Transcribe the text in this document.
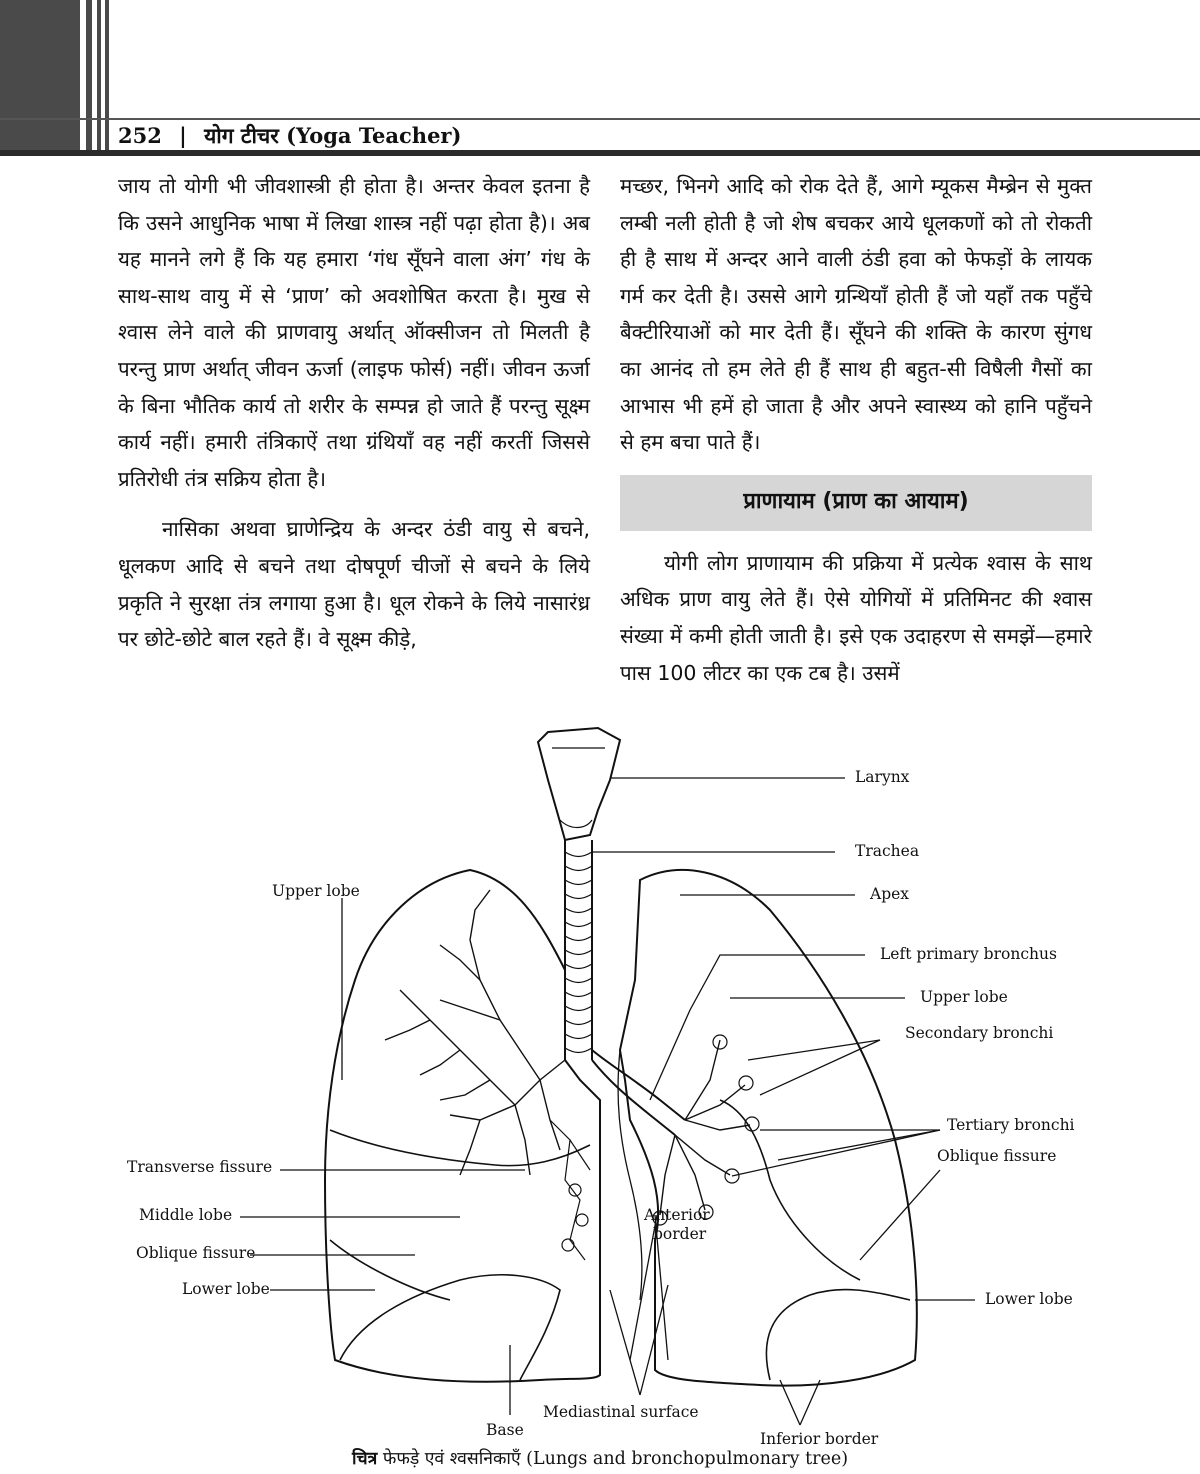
252 | योग टीचर (Yoga Teacher)

जाय तो योगी भी जीवशास्त्री ही होता है। अन्तर केवल इतना है कि उसने आधुनिक भाषा में लिखा शास्त्र नहीं पढ़ा होता है)। अब यह मानने लगे हैं कि यह हमारा ‘गंध सूँघने वाला अंग’ गंध के साथ-साथ वायु में से ‘प्राण’ को अवशोषित करता है। मुख से श्वास लेने वाले की प्राणवायु अर्थात् ऑक्सीजन तो मिलती है परन्तु प्राण अर्थात् जीवन ऊर्जा (लाइफ फोर्स) नहीं। जीवन ऊर्जा के बिना भौतिक कार्य तो शरीर के सम्पन्न हो जाते हैं परन्तु सूक्ष्म कार्य नहीं। हमारी तंत्रिकाऐं तथा ग्रंथियाँ वह नहीं करतीं जिससे प्रतिरोधी तंत्र सक्रिय होता है।

नासिका अथवा घ्राणेन्द्रिय के अन्दर ठंडी वायु से बचने, धूलकण आदि से बचने तथा दोषपूर्ण चीजों से बचने के लिये प्रकृति ने सुरक्षा तंत्र लगाया हुआ है। धूल रोकने के लिये नासारंध्र पर छोटे-छोटे बाल रहते हैं। वे सूक्ष्म कीड़े,

मच्छर, भिनगे आदि को रोक देते हैं, आगे म्यूकस मैम्ब्रेन से मुक्त लम्बी नली होती है जो शेष बचकर आये धूलकणों को तो रोकती ही है साथ में अन्दर आने वाली ठंडी हवा को फेफड़ों के लायक गर्म कर देती है। उससे आगे ग्रन्थियाँ होती हैं जो यहाँ तक पहुँचे बैक्टीरियाओं को मार देती हैं। सूँघने की शक्ति के कारण सुंगध का आनंद तो हम लेते ही हैं साथ ही बहुत-सी विषैली गैसों का आभास भी हमें हो जाता है और अपने स्वास्थ्य को हानि पहुँचने से हम बचा पाते हैं।

प्राणायाम (प्राण का आयाम)

योगी लोग प्राणायाम की प्रक्रिया में प्रत्येक श्वास के साथ अधिक प्राण वायु लेते हैं। ऐसे योगियों में प्रतिमिनट की श्वास संख्या में कमी होती जाती है। इसे एक उदाहरण से समझें—हमारे पास 100 लीटर का एक टब है। उसमें

Larynx
Trachea
Apex
Left primary bronchus
Upper lobe
Secondary bronchi
Tertiary bronchi
Oblique fissure
Upper lobe
Transverse fissure
Middle lobe
Oblique fissure
Lower lobe
Anterior
border
Lower lobe
Mediastinal surface
Base	Inferior border
चित्र फेफड़े एवं श्वसनिकाएँ (Lungs and bronchopulmonary tree)
